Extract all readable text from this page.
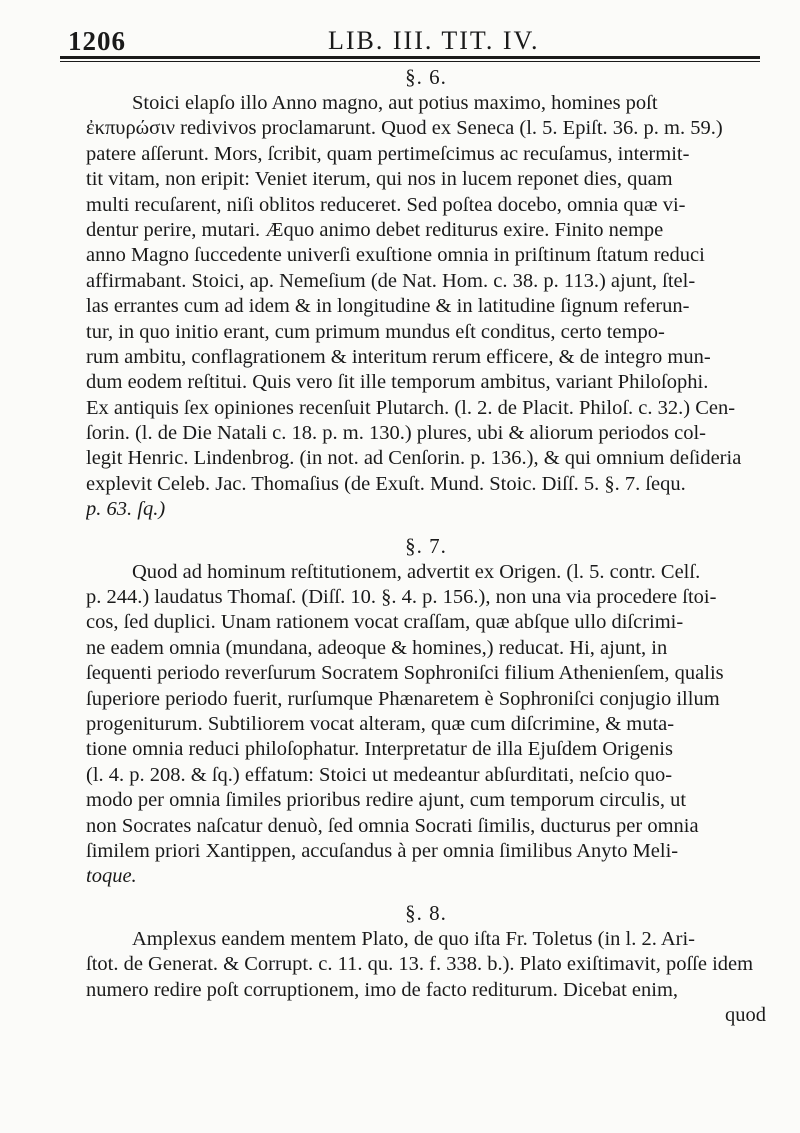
1206	LIB. III. TIT. IV.
§. 6.
Stoici elapſo illo Anno magno, aut potius maximo, homines poſt
ἐκπυρώσιν redivivos proclamarunt. Quod ex Seneca (l. 5. Epiſt. 36. p. m. 59.)
patere aſſerunt. Mors, ſcribit, quam pertimeſcimus ac recuſamus, intermit-
tit vitam, non eripit: Veniet iterum, qui nos in lucem reponet dies, quam
multi recuſarent, niſi oblitos reduceret. Sed poſtea docebo, omnia quæ vi-
dentur perire, mutari. Æquo animo debet rediturus exire. Finito nempe
anno Magno ſuccedente univerſi exuſtione omnia in priſtinum ſtatum reduci
affirmabant. Stoici, ap. Nemeſium (de Nat. Hom. c. 38. p. 113.) ajunt, ſtel-
las errantes cum ad idem & in longitudine & in latitudine ſignum referun-
tur, in quo initio erant, cum primum mundus eſt conditus, certo tempo-
rum ambitu, conflagrationem & interitum rerum efficere, & de integro mun-
dum eodem reſtitui. Quis vero ſit ille temporum ambitus, variant Philoſophi.
Ex antiquis ſex opiniones recenſuit Plutarch. (l. 2. de Placit. Philoſ. c. 32.) Cen-
ſorin. (l. de Die Natali c. 18. p. m. 130.) plures, ubi & aliorum periodos col-
legit Henric. Lindenbrog. (in not. ad Cenſorin. p. 136.), & qui omnium deſideria
explevit Celeb. Jac. Thomaſius (de Exuſt. Mund. Stoic. Diſſ. 5. §. 7. ſequ.
p. 63. ſq.)
§. 7.
Quod ad hominum reſtitutionem, advertit ex Origen. (l. 5. contr. Celſ.
p. 244.) laudatus Thomaſ. (Diſſ. 10. §. 4. p. 156.), non una via procedere ſtoi-
cos, ſed duplici. Unam rationem vocat craſſam, quæ abſque ullo diſcrimi-
ne eadem omnia (mundana, adeoque & homines,) reducat. Hi, ajunt, in
ſequenti periodo reverſurum Socratem Sophroniſci filium Athenienſem, qualis
ſuperiore periodo fuerit, rurſumque Phænaretem è Sophroniſci conjugio illum
progeniturum. Subtiliorem vocat alteram, quæ cum diſcrimine, & muta-
tione omnia reduci philoſophatur. Interpretatur de illa Ejuſdem Origenis
(l. 4. p. 208. & ſq.) effatum: Stoici ut medeantur abſurditati, neſcio quo-
modo per omnia ſimiles prioribus redire ajunt, cum temporum circulis, ut
non Socrates naſcatur denuò, ſed omnia Socrati ſimilis, ducturus per omnia
ſimilem priori Xantippen, accuſandus à per omnia ſimilibus Anyto Meli-
toque.
§. 8.
Amplexus eandem mentem Plato, de quo iſta Fr. Toletus (in l. 2. Ari-
ſtot. de Generat. & Corrupt. c. 11. qu. 13. f. 338. b.). Plato exiſtimavit, poſſe idem
numero redire poſt corruptionem, imo de facto rediturum. Dicebat enim,
quod
